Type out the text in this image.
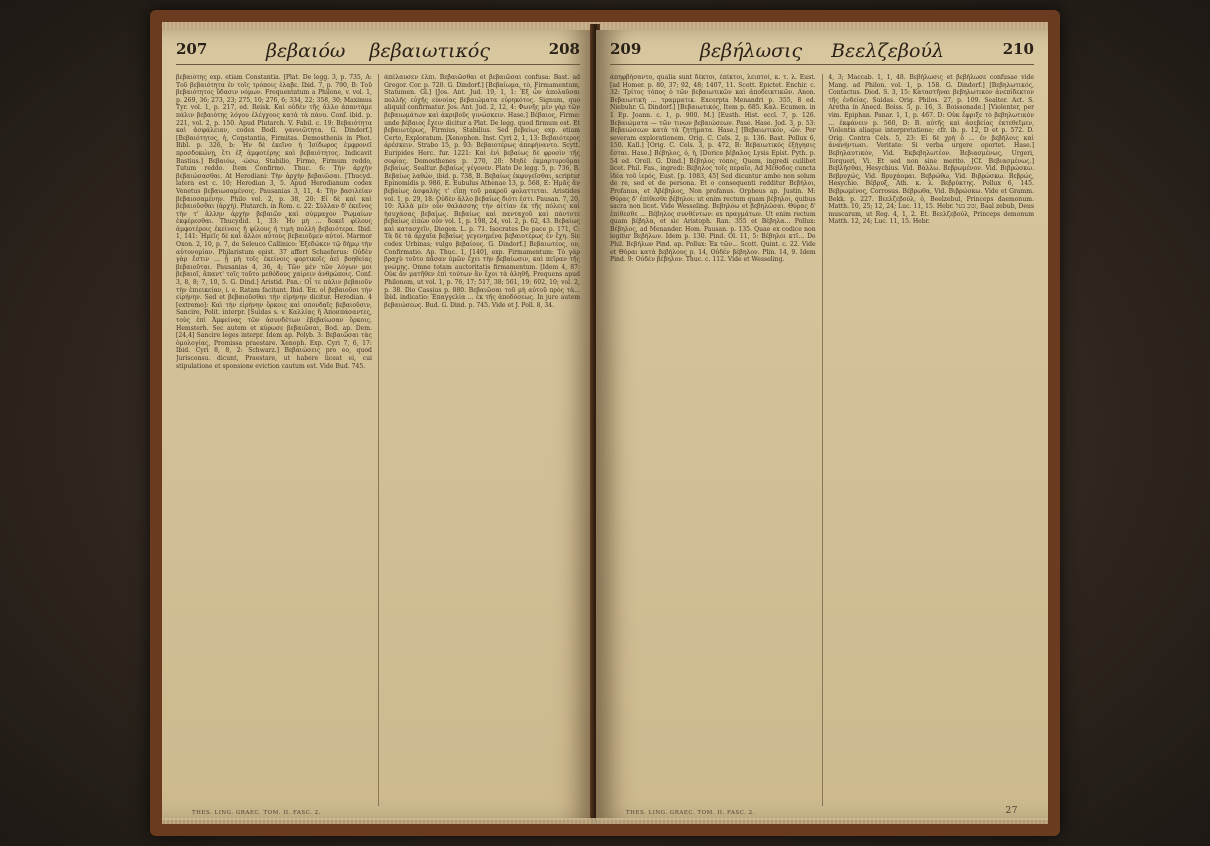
207	βεβαιόω βεβαιωτικός	208
βεβαιότης exp. etiam Constantia. [Plat. De legg. 3, p. 735, A: Τοῦ βεβαιότητα ἐν τοῖς τρόποις ἐλαβε. Ibid. 7, p. 790, B: Τοῦ βεβαιότητος ὕδασιν νόμων. Frequentatum a Philone, v. vol. 1, p. 269, 36; 273, 23; 275, 10; 276, 6; 334, 22; 358, 30; Maximus Tyr. vol. 1, p. 217, ed. Reisk. Καὶ οὐδὲν τῆς ἄλλο ἀπαντάμε πάλιν βεβαιότης λόγου ἐλέγχους κατὰ τὰ πάνυ. Conf. ibid. p. 221, vol. 2, p. 150. Apud Plutarch. V. Fabil. c. 19: Βεβαιότητα καὶ ἀσφάλειαν, codex Bodl. γαννιῶτητα. G. Dindorf.] [Βεβαιότητος, ἡ, Constantia, Firmitas. Demosthenis in Phot. Bibl. p. 326, b: Ἦν δὲ ἐκεῖνο ἡ Ἰσίδωρος ἐμφρονεῖ προσδοκώνῃ, ἔτι ἐξ ἀμφοτέρης καὶ βεβαιότητος. Indicavit Bastius.] Βεβαιόω, -ώσω, Stabilio, Firmo, Firmum reddo, Tutum reddo. Item Confirmo. Thuc. 6: Τὴν ἀρχὴν βεβαιώσασθαι. At Herodiani: Τὴν ἀρχὴν βεβαιῶσαι. [Thucyd. latera est c. 10; Herodian 3, 5. Apud Herodianum codex Venetus βεβαιωσαμένοις. Pausanias 3, 11, 4: Τὴν βασιλείαν βεβαιοσαμένην. Philo vol. 2, p. 38, 20: Εἰ δὲ καὶ καὶ βεβαιοῦσθαι (ἀρχὴ). Plutarch. in Rom. c. 22: Σύλλαν δ' ἐκεῖνος τὴν τ' ἄλλην ἀρχὴν βεβαιῶν καὶ σύμμαχον Ῥωμαίων ἐκφέρεσθαι. Thucydid. 1, 33: Ἦν μὴ ... δοκεῖ φίλους ἀμφοτέροις ἐκείνοις ἢ φίλους ἡ τιμὴ πολλὴ βεβαιότερα. Ibid. 1, 141: Ἡμεῖς δὲ καὶ ἄλλοι αὐτοὺς βεβαιοῦμεν αὐτοί. Marmor Oxon. 2, 10, p. 7, de Seleuco Callinico: Ἐξεδώκεν τῷ δήμῳ τὴν αὐτονομίαν. Philaristum epist. 37 affert Schaeferus: Οὐδὲν γὰρ ἔστιν ... ᾗ μὴ τοῖς ἐκείνοις φορτικοῖς ἀεὶ βοηθείας βεβαιοῦται. Pausanias 4, 36, 4; Τῶν μὲν τῶν λόγων μοι βεβαιοῖ, ἅπαντ' τοῖς τοῦτο μεθόδους χαίρειν ἀνθρώποις. Conf. 3, 8, 8; 7, 10, 5. G. Dind.] Aristid. Pan.: Οἷ τε πάλιν βεβαιοῦν τὴν ἐπιεικείαν, i. e. Ratam facitant. Ibid. Ἐπ. οἱ βεβαιοῦσι τὴν εἰρήνην. Sed et βεβαιοῦσθαι τὴν εἰρήνην dicitur. Herodian. 4 [extremo]: Καὶ τὴν εἰρήνην ὅρκοις καὶ σπονδαῖς βεβαιοῦσιν, Sancire, Polit. interpr. [Suidas s. v. Καλλίας ἢ Ἀποσπάσαντες, τοὺς ἐπὶ Ἀμφείνας τῶν ἀσυνδέτων ἐβεβαίωσαν ὅρκοις. Hemsterh. Sec autem et κύρωσε βεβαιῶσαι, Bod. ap. Dem. [24,4] Sancire leges interpr. Idem ap. Polyb. 3: Βεβαιῶσαι τὰς ὁμολογίας, Promissa praestare. Xenoph. Exp. Cyri 7, 6, 17: Ibid. Cyri 8, 8, 2: Schwarz.] Βεβαιώσεις pro eo, quod Jurisconsu. dicunt, Praestare, ut habere liceat ei, cui stipulatione et sponsione eviction cautum est. Vide Bud. 745.
ἀπέλαυσεν ἐλπι. Βεβαιῶσθαι et βεβαιῶσαι confusa: Bast. ad Gregor. Cor. p. 720. G. Dindorf.] [Βεβαίωμα, τὸ, Firmamentum, Statumen. Gl.] [Jos. Ant. Jud. 19, 1, 1: Ἐξ ὧν ἀπολαῦσαι πολλῆς εὐχῆς εὐνοίας βεβαιώματα εὐρηκότος. Signum, quo aliquid confirmatur. Jos. Ant. Jud. 2, 12, 4: Φωνῆς μὲν γὰρ τῶν βεβαιωμάτων καὶ ἀκριβοῦς γινώσκειν. Hase.] Βέβαιος, Firme: unde βέβαιος ἔχειν dicitur a Plat. De legg. quod firmum est. Et βεβαιωτέρως, Firmius, Stabilius. Sed βεβαίως exp. etiam Certo, Exploratum. [Xenophon. Inst. Cyri 2, 1, 13: Βεβαιότερος ἀρέσκειν. Strabo 15, p. 93: Βεβαιοτέρως ἀπεφήναντο. Scytt. Euripides Herc. fur. 1221: Καὶ ἐνὶ βεβαίως δὲ φροσὶν τῆς σοφίας. Demosthenes p. 270, 20: Μηδὲ ἐκμαρτυροῦμαι βεβαίως. Sealtur. βεβαίως γέγονεν. Plato De legg. 5, p. 736, B. Βεβαίως λαθών, ibid. p. 738, B. Βεβαίως ἐκφυγεῖσθαι, scriptur Epinomidis p. 986, E. Eubulus Athenae 13, p. 568, E: Ἡμᾶς ἂν βεβαίως ἀσφαλὴς τ' εἴπῃ τοῦ μακροῦ φυλαττεται. Aristides vol. 1, p. 29, 18: Οὐδὲν ἄλλο βεβαίως διότι ἐστι. Pausan. 7, 20, 10: Ἀλλὰ μὲν οὖν θαλάσσης τὴν αἰτίαν ἐκ τῆς πόλεις καὶ ἡσυχάσας βεβαίως. Βεβαίως καὶ πανταχοῦ καὶ πάντοτε βεβαίως εἰπὼν οὖν vol. 1, p. 198, 24, vol. 2, p. 62, 43. Βεβαίως καὶ κατασχεῖν, Diogen. L. p. 71. Isocrates De pace p. 171, C: Τὰ δὲ τὰ ἀρχαῖα βεβαίως γεγενημένα βεβαιοτέρως ἐν ἔχη. Sic codex Urbinas; vulgo βεβαίους. G. Dindorf.] Βεβαιωτέος, ον, Confirmatio. Ap. Thuc. 1, [140], exp. Firmamentum: Τὸ γὰρ βραχὺ τοῦτο πᾶσαν ὑμῶν ἔχει τὴν βεβαίωσιν, καὶ πεῖραν τῆς γνώμης. Omne totam auctoritatis firmamentum. [Idem 4, 87: Οὐκ ἂν ματῆθεν ἐπὶ τούτων ἂν ἔχοι τὰ ἀληθῆ. Frequens apud Philonem, ut vol. 1, p. 76, 17; 517, 38; 561, 19; 602, 10; vol. 2, p. 38. Dio Cassius p. 880. Βεβαιῶσαι τοῦ μὴ αὐτοῦ πρὸς τὰ... ibid. indicatio: Ἐπαγγελία ... ἐκ τῆς ἀποδόσεως. In jure autem βεβαιώσεως. Bud. G. Dind. p. 745. Vide et J. Poll. 8, 34.
THES. LING. GRAEC. TOM. II. FASC. 2.
209	βεβήλωσις Βεελζεβούλ	210
ἀπηφβήσαντο, qualia sunt δέκτοι, ἐπίκτοι, λειπτοί, κ. τ. λ. Eust. [ad Homer. p. 80, 37; 92, 48; 1407, 11. Scott. Epictet. Enchir. c. 32: Τρίτος τόπος ὁ τῶν βεβαιωτικῶν καὶ ἀποδεικτικῶν. Anon. Βεβαιωτικὴ ... τραμματικ. Excerpta Menandri p. 355, 8 ed. Niebuhr. G. Dindorf.] [Βεβαιωτικός, Item p. 685. Καλ. Ecumen. in 1 Ep. Joann. c. 1, p. 900. M.] [Eusth. Hist. eccl. 7, p. 126. Βεβαιώματα — τῶν τινων βεβαιώσεων. Pase. Hase. Jod. 3, p. 53: Βεβαιώσεων κατὰ τὰ ζητήματα. Hase.] [Βεβαιωτικόν, -ῶν. Per severam explorationem. Orig. C. Cels. 2, p. 136. Bast. Pollux 6, 150. Kall.] [Orig. C. Cels. 3, p. 472, B: Βεβαιωτικός ἐξήγησις ἔσται. Hase.] Βέβηλος, ὁ, ἡ, [Dorice βέβαλος Lysis Epist. Pyth. p. 54 ed. Orell. G. Dind.] Βέβηλος τόπος, Quem, ingredi cuilibet licet. Phil. Fas., ingredi: Βέβηλος τοῖς περαῖο, Ad Μέθοδος cuncta ἰδέα τοῦ ἱερός, Eust. [p. 1083, 45] Sed dicuntur ambo non solum de re, sed et de persona. Et o consequenti redditur Βεβήλοι, Profanus, et Ἀβέβηλος, Non profanus. Orpheus ap. Justin. M: Θύρας δ' ἐπίθεσθε βέβηλοι: ut enim rectum quam βέβηλοι, quibus sacra non licet. Vide Wesseling. Βεβηλόω et βεβηλῶσαι. Θύρας δ' ἐπίθεσθε ... Βέβηλος συνθέντων: ex πραγμάτων. Ut enim rectum quam βέβηλα, et sic Aristoph. Ran. 355 et Βέβηλα... Pollux: Βέβηλος, ad Menander. Hom. Pausan. p. 135. Quae ex codice non legitur Βεβήλων. Idem p. 130. Pind. Ol. 11, 5: Βέβηλοι κτῖ... De Phil. Βεβήλων Pind. ap. Pollux: Ἐκ τῶν... Scott. Quint. c. 22. Vide et Θύραι κατὰ βεβήλους p. 14, Οὐδέν βέβηλον. Plin. 14, 9. Idem Pind. 9: Οὐδὲν βέβηλον. Thuc. c. 112. Vide et Wesseling.
4, 3; Maccab. 1, 1, 48. Βεβήλωσις et βεβήλωσε confusae vide Mang. ad Philon. vol. 1, p. 158. G. Dindorf.] [Βεβηλωτικός, Contactus. Diod. S. 3, 15: Καταστῆναι βεβηλωτικὸν ἀνεπίδεκτον τῆς ἐνδείας. Suidas. Orig. Philos. 27, p. 109. Sealter. Act. S. Aretha in Anecd. Boiss. 5, p. 16, 3. Boissonade.] [Violenter, per vim. Epiphan. Panar. 1, 1, p. 467. D: Οὐκ ἔφριξε τὸ βεβηλωτικὸν ... ἐκφάνειν p. 560, D: Β. αὐτῆς καὶ ἀσεβείας ἐκτεθεῖμεν, Violentia aliaque interpretatione; cfr. ib. p. 12, D et p. 572. D. Orig. Contra Cels. 5, 23: Εἰ δὲ χρὴ ὃ ... ἐν βεβήλοις καὶ ἀνανήντωσι. Veritate: Si verba urgere oportet. Hase.] Βεβηλαυτικόν, Vid. Ἐκβεβηλωτέον. Βεβιασμένως, Urgeri, Torqueri, Vi. Et sed non sine merito. [Cf. Βεβιασμένως.] Βεβλῆσθαι, Hesychius. Vid. Βάλλω. Βεβρωμένον. Vid. Βιβρώσκω. Βεβρυχώς, Vid. Βρυχάομαι. Βεβρώθω, Vid. Βιβρώσκω. Βεβρώς, Hesychio. Βέβρυξ, Ath. κ. λ. Βεβρύκτης. Pollux 6, 145. Βεβρωμένος, Corrosus. Βέβρωθα, Vid. Βιβρώσκω. Vide et Gramm. Bekk. p. 227. Βεελζεβούλ, ὁ, Beelzebul, Princeps daemonum. Matth. 10, 25; 12, 24; Luc. 11, 15. Hebr. זבוב בעל, Baal zebub, Deus muscarum, ut Reg. 4, 1, 2. Et. Βεελζεβούλ, Princeps demonum Matth. 12, 24; Luc. 11, 15. Hebr.
THES. LING. GRAEC. TOM. II. FASC. 2.	27
